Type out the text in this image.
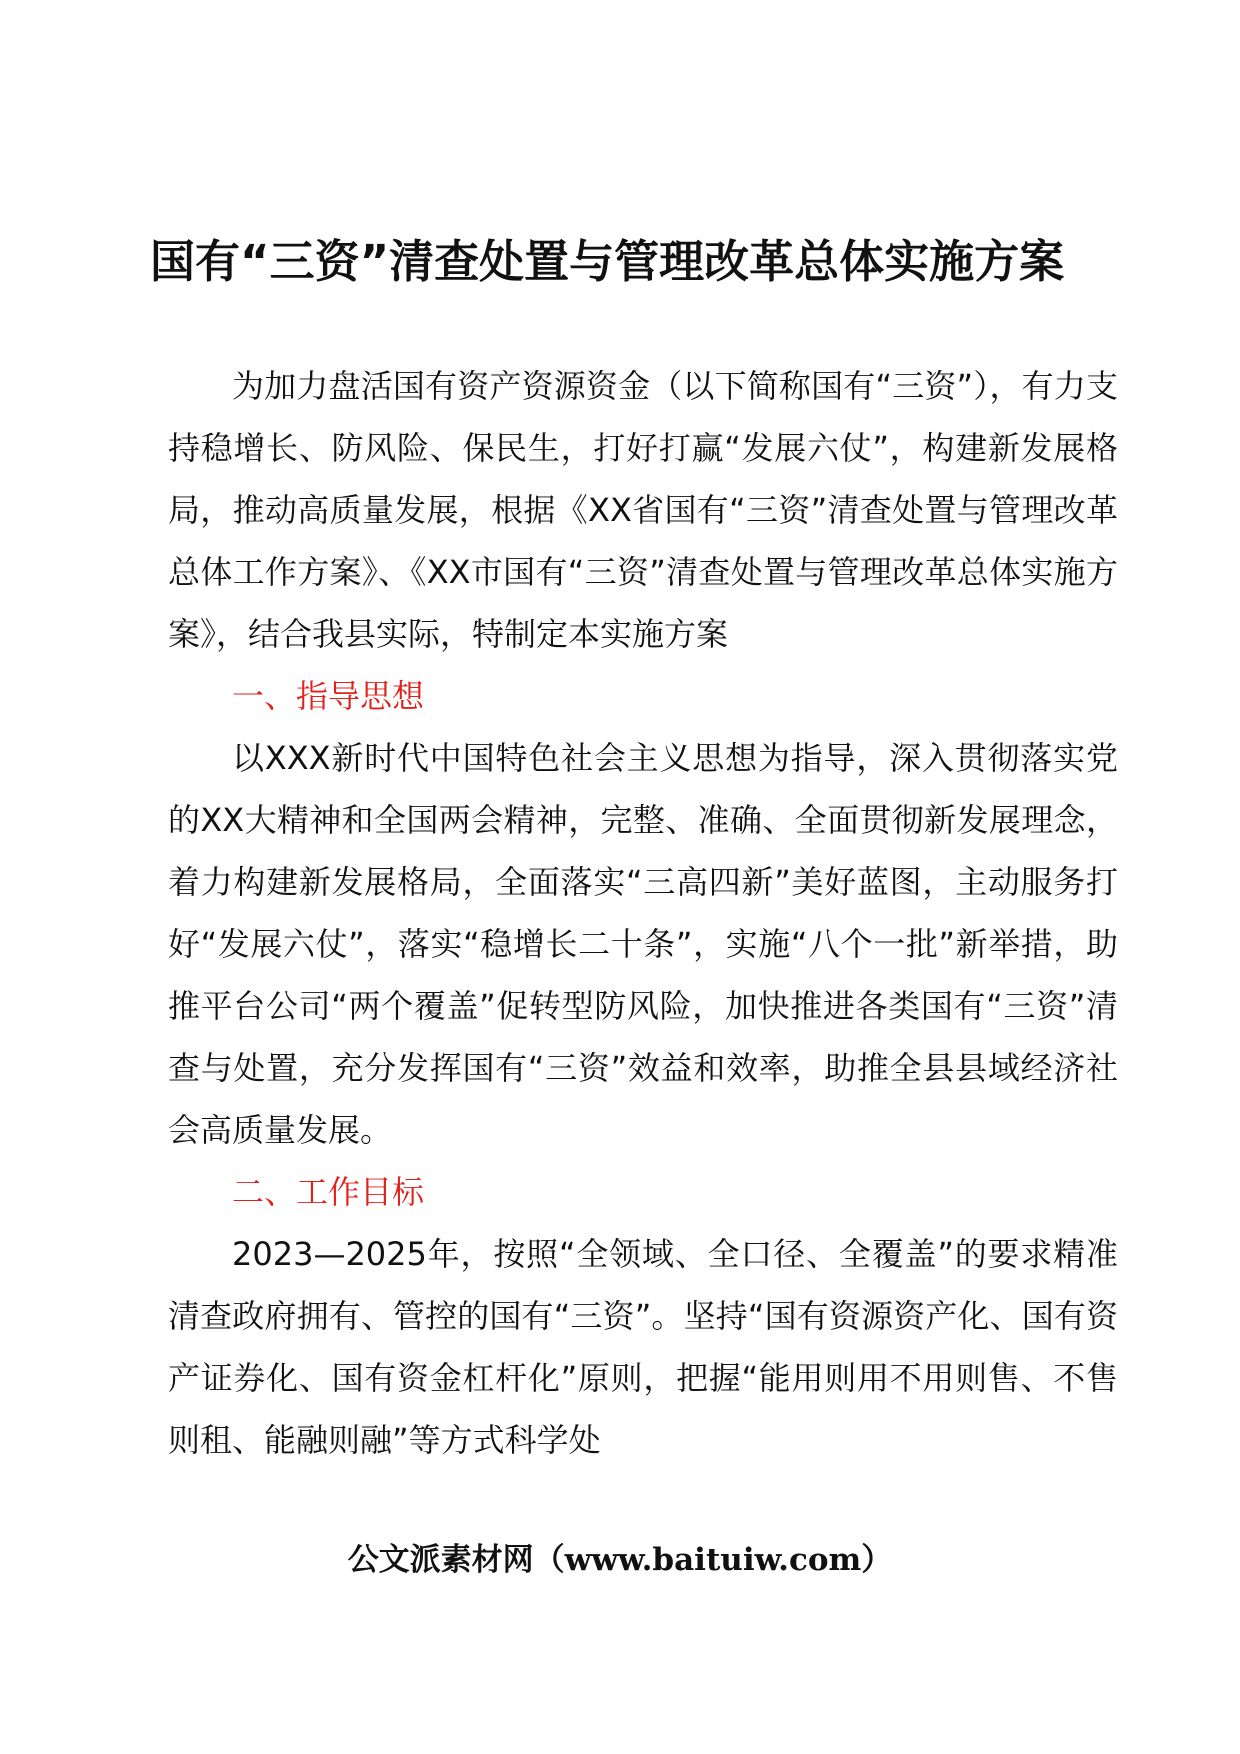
国有“三资”清查处置与管理改革总体实施方案

为加力盘活国有资产资源资金（以下简称国有“三资”），有力支持稳增长、防风险、保民生，打好打赢“发展六仗”，构建新发展格局，推动高质量发展，根据《XX省国有“三资”清查处置与管理改革总体工作方案》、《XX市国有“三资”清查处置与管理改革总体实施方案》，结合我县实际，特制定本实施方案

一、指导思想

以XXX新时代中国特色社会主义思想为指导，深入贯彻落实党的XX大精神和全国两会精神，完整、准确、全面贯彻新发展理念，着力构建新发展格局，全面落实“三高四新”美好蓝图，主动服务打好“发展六仗”，落实“稳增长二十条”，实施“八个一批”新举措，助推平台公司“两个覆盖”促转型防风险，加快推进各类国有“三资”清查与处置，充分发挥国有“三资”效益和效率，助推全县县域经济社会高质量发展。

二、工作目标

2023—2025年，按照“全领域、全口径、全覆盖”的要求精准清查政府拥有、管控的国有“三资”。坚持“国有资源资产化、国有资产证券化、国有资金杠杆化”原则，把握“能用则用不用则售、不售则租、能融则融”等方式科学处

公文派素材网（www.baituiw.com）
